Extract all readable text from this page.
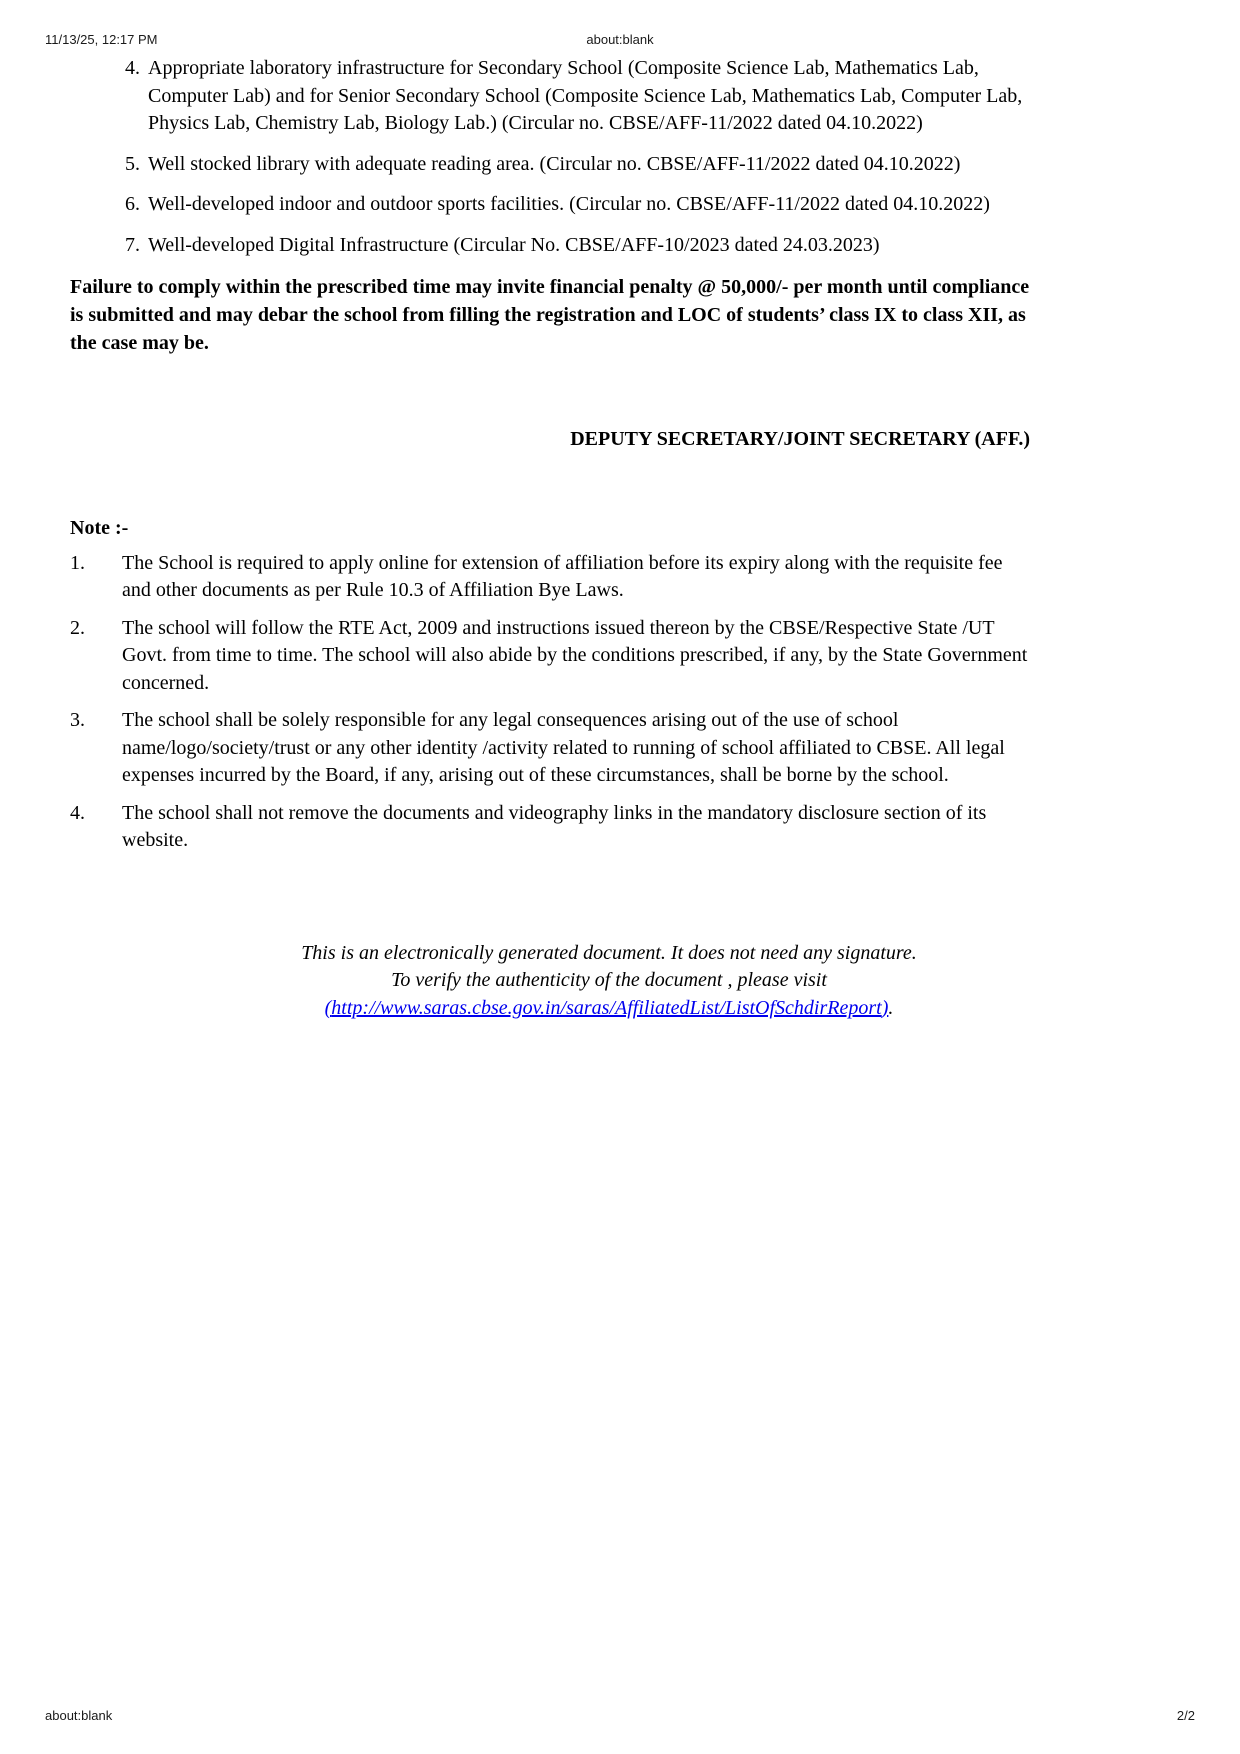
11/13/25, 12:17 PM	about:blank
4. Appropriate laboratory infrastructure for Secondary School (Composite Science Lab, Mathematics Lab, Computer Lab) and for Senior Secondary School (Composite Science Lab, Mathematics Lab, Computer Lab, Physics Lab, Chemistry Lab, Biology Lab.) (Circular no. CBSE/AFF-11/2022 dated 04.10.2022)
5. Well stocked library with adequate reading area. (Circular no. CBSE/AFF-11/2022 dated 04.10.2022)
6. Well-developed indoor and outdoor sports facilities. (Circular no. CBSE/AFF-11/2022 dated 04.10.2022)
7. Well-developed Digital Infrastructure (Circular No. CBSE/AFF-10/2023 dated 24.03.2023)

Failure to comply within the prescribed time may invite financial penalty @ 50,000/- per month until compliance is submitted and may debar the school from filling the registration and LOC of students’ class IX to class XII, as the case may be.

DEPUTY SECRETARY/JOINT SECRETARY (AFF.)

Note :-

1.	The School is required to apply online for extension of affiliation before its expiry along with the requisite fee and other documents as per Rule 10.3 of Affiliation Bye Laws.
2.	The school will follow the RTE Act, 2009 and instructions issued thereon by the CBSE/Respective State /UT Govt. from time to time. The school will also abide by the conditions prescribed, if any, by the State Government concerned.
3.	The school shall be solely responsible for any legal consequences arising out of the use of school name/logo/society/trust or any other identity /activity related to running of school affiliated to CBSE. All legal expenses incurred by the Board, if any, arising out of these circumstances, shall be borne by the school.
4.	The school shall not remove the documents and videography links in the mandatory disclosure section of its website.
This is an electronically generated document. It does not need any signature.
To verify the authenticity of the document , please visit
(http://www.saras.cbse.gov.in/saras/AffiliatedList/ListOfSchdirReport).
about:blank	2/2
